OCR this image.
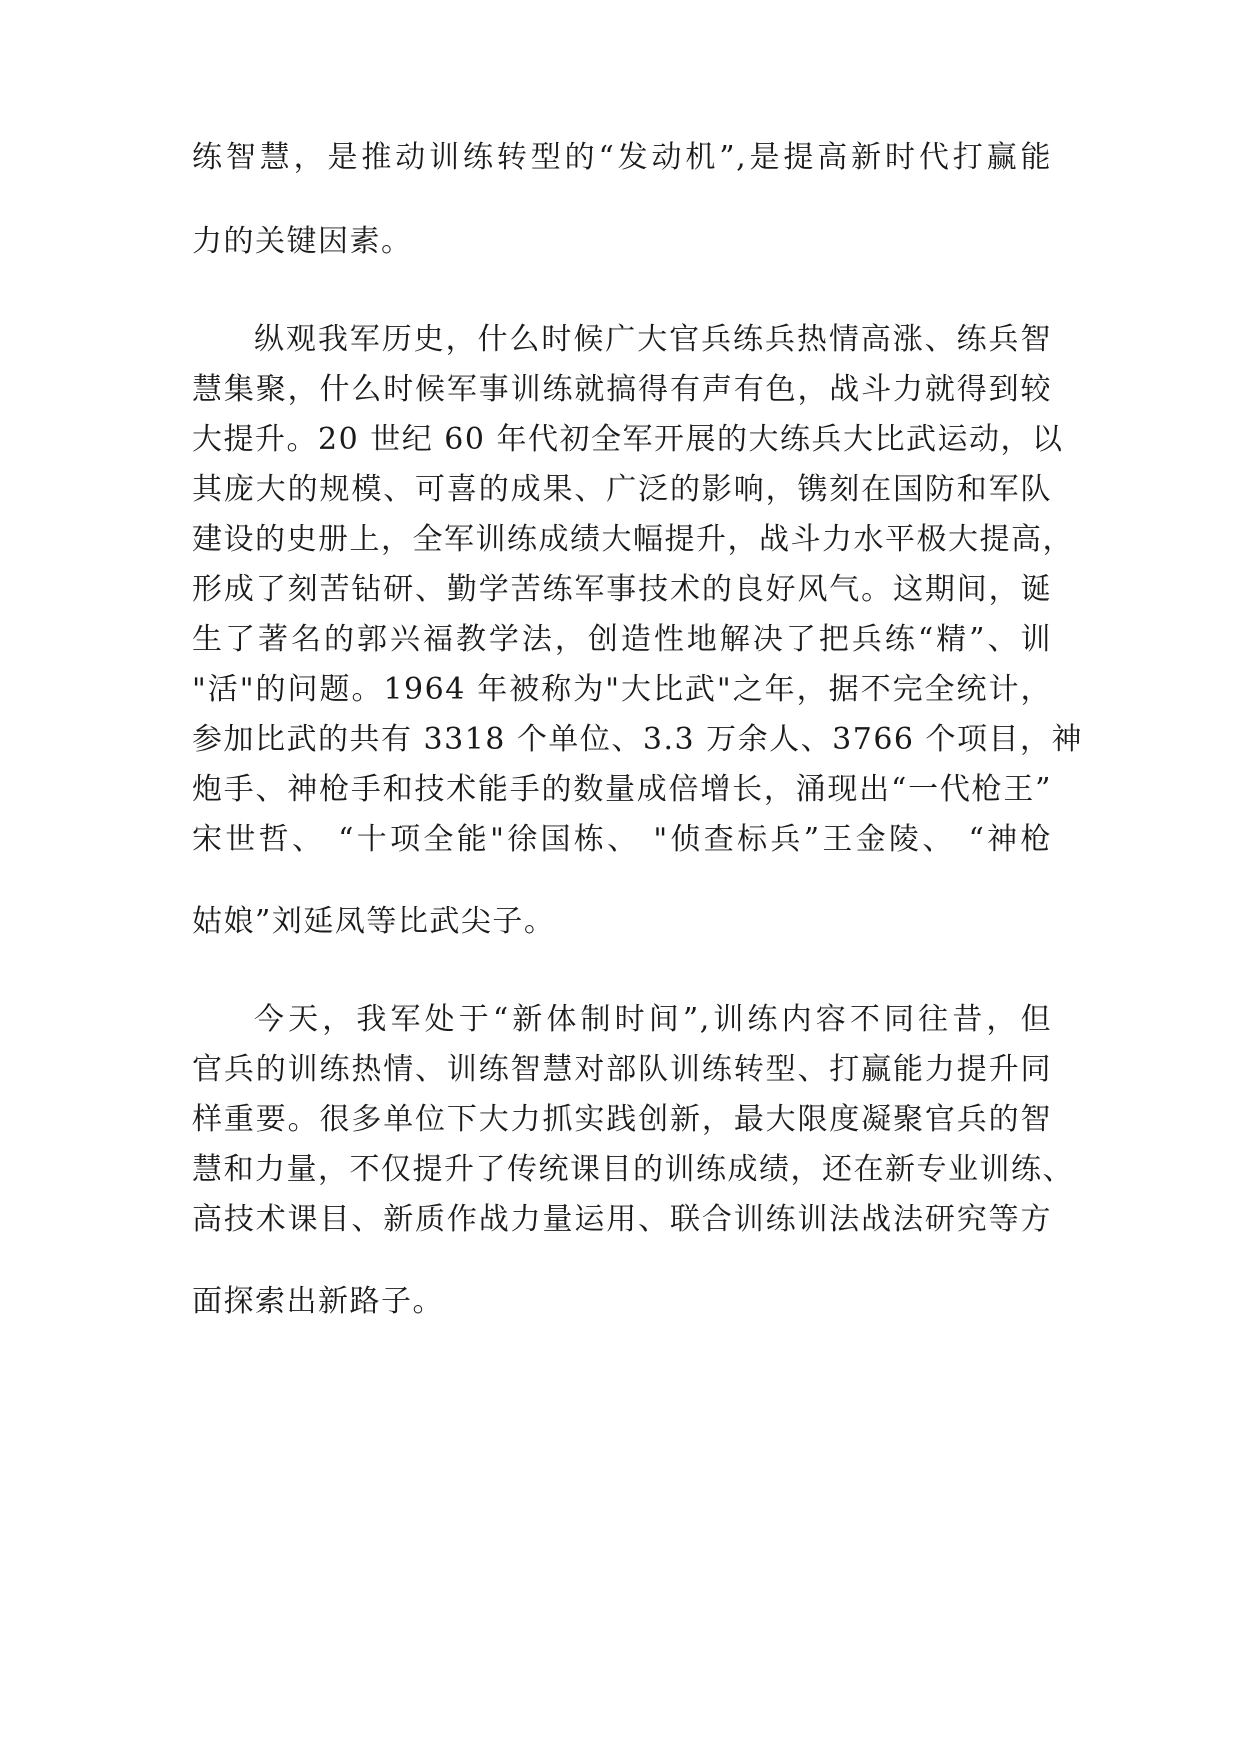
练智慧，是推动训练转型的“发动机”,是提高新时代打赢能
力的关键因素。
纵观我军历史，什么时候广大官兵练兵热情高涨、练兵智
慧集聚，什么时候军事训练就搞得有声有色，战斗力就得到较
大提升。20 世纪 60 年代初全军开展的大练兵大比武运动，以
其庞大的规模、可喜的成果、广泛的影响，镌刻在国防和军队
建设的史册上，全军训练成绩大幅提升，战斗力水平极大提高，
形成了刻苦钻研、勤学苦练军事技术的良好风气。这期间，诞
生了著名的郭兴福教学法，创造性地解决了把兵练“精”、训
"活"的问题。1964 年被称为"大比武"之年，据不完全统计，
参加比武的共有 3318 个单位、3.3 万余人、3766 个项目，神
炮手、神枪手和技术能手的数量成倍增长，涌现出“一代枪王”
宋世哲、 “十项全能"徐国栋、 "侦查标兵”王金陵、 “神枪
姑娘”刘延凤等比武尖子。
今天，我军处于“新体制时间”,训练内容不同往昔，但
官兵的训练热情、训练智慧对部队训练转型、打赢能力提升同
样重要。很多单位下大力抓实践创新，最大限度凝聚官兵的智
慧和力量，不仅提升了传统课目的训练成绩，还在新专业训练、
高技术课目、新质作战力量运用、联合训练训法战法研究等方
面探索出新路子。
